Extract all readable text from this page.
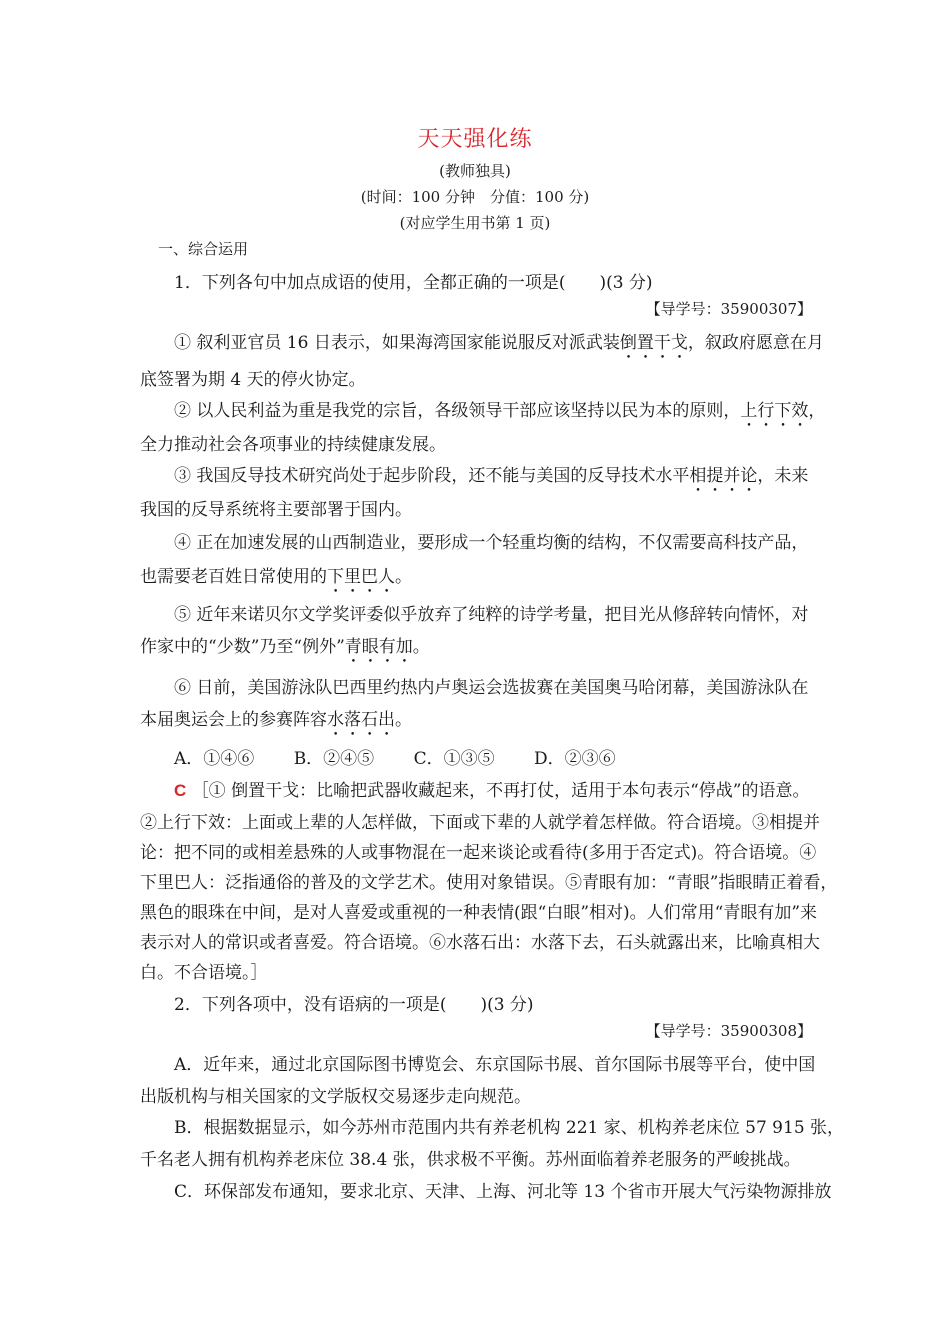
天天强化练
(教师独具)
(时间：100 分钟　分值：100 分)
(对应学生用书第 1 页)
一、综合运用
1．下列各句中加点成语的使用，全都正确的一项是(　　)(3 分)
【导学号：35900307】
① 叙利亚官员 16 日表示，如果海湾国家能说服反对派武装倒置干戈，叙政府愿意在月
底签署为期 4 天的停火协定。
② 以人民利益为重是我党的宗旨，各级领导干部应该坚持以民为本的原则，上行下效，
全力推动社会各项事业的持续健康发展。
③ 我国反导技术研究尚处于起步阶段，还不能与美国的反导技术水平相提并论，未来
我国的反导系统将主要部署于国内。
④ 正在加速发展的山西制造业，要形成一个轻重均衡的结构，不仅需要高科技产品，
也需要老百姓日常使用的下里巴人。
⑤ 近年来诺贝尔文学奖评委似乎放弃了纯粹的诗学考量，把目光从修辞转向情怀，对
作家中的“少数”乃至“例外”青眼有加。
⑥ 日前，美国游泳队巴西里约热内卢奥运会选拔赛在美国奥马哈闭幕，美国游泳队在
本届奥运会上的参赛阵容水落石出。
A．①④⑥ B．②④⑤ C．①③⑤ D．②③⑥
C ［① 倒置干戈：比喻把武器收藏起来，不再打仗，适用于本句表示“停战”的语意。
②上行下效：上面或上辈的人怎样做，下面或下辈的人就学着怎样做。符合语境。③相提并
论：把不同的或相差悬殊的人或事物混在一起来谈论或看待(多用于否定式)。符合语境。④
下里巴人：泛指通俗的普及的文学艺术。使用对象错误。⑤青眼有加：“青眼”指眼睛正着看，
黑色的眼珠在中间，是对人喜爱或重视的一种表情(跟“白眼”相对)。人们常用“青眼有加”来
表示对人的常识或者喜爱。符合语境。⑥水落石出：水落下去，石头就露出来，比喻真相大
白。不合语境。］
2．下列各项中，没有语病的一项是(　　)(3 分)
【导学号：35900308】
A．近年来，通过北京国际图书博览会、东京国际书展、首尔国际书展等平台，使中国
出版机构与相关国家的文学版权交易逐步走向规范。
B．根据数据显示，如今苏州市范围内共有养老机构 221 家、机构养老床位 57 915 张，
千名老人拥有机构养老床位 38.4 张，供求极不平衡。苏州面临着养老服务的严峻挑战。
C．环保部发布通知，要求北京、天津、上海、河北等 13 个省市开展大气污染物源排放
